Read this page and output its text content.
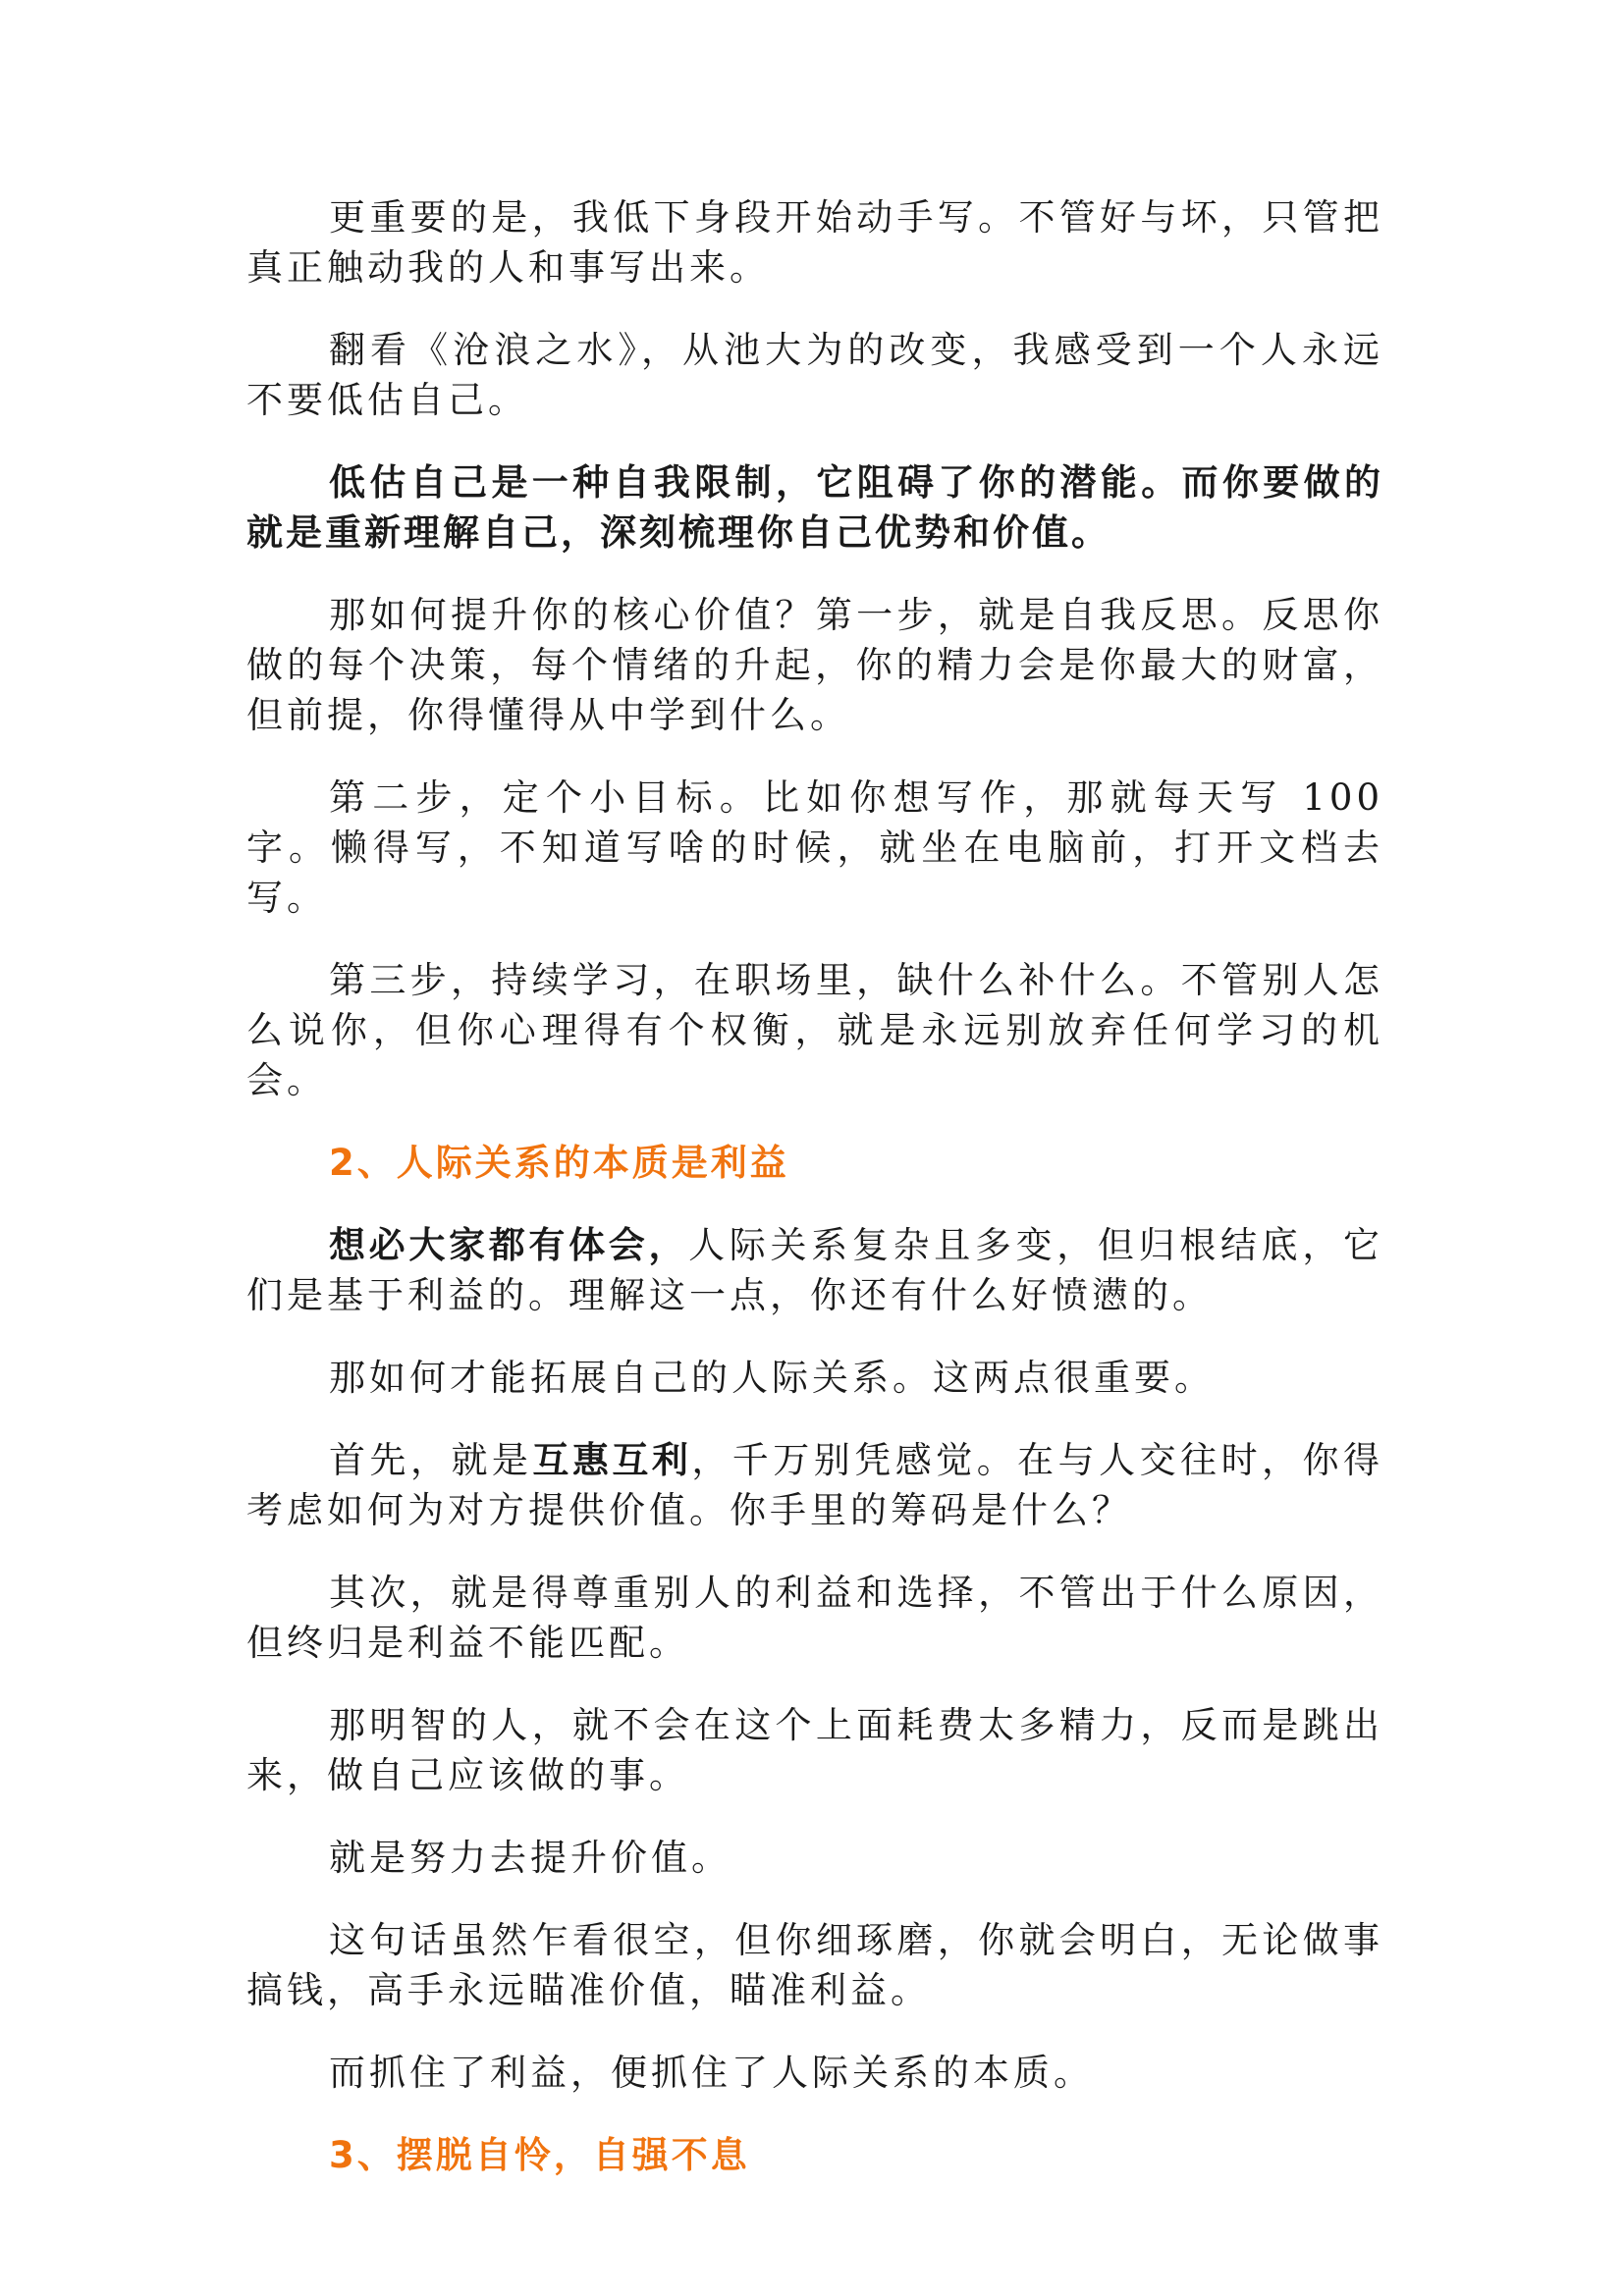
更重要的是，我低下身段开始动手写。不管好与坏，只管把真正触动我的人和事写出来。

翻看《沧浪之水》，从池大为的改变，我感受到一个人永远不要低估自己。

低估自己是一种自我限制，它阻碍了你的潜能。而你要做的就是重新理解自己，深刻梳理你自己优势和价值。

那如何提升你的核心价值？第一步，就是自我反思。反思你做的每个决策，每个情绪的升起，你的精力会是你最大的财富，但前提，你得懂得从中学到什么。

第二步，定个小目标。比如你想写作，那就每天写 100 字。懒得写，不知道写啥的时候，就坐在电脑前，打开文档去写。

第三步，持续学习，在职场里，缺什么补什么。不管别人怎么说你，但你心理得有个权衡，就是永远别放弃任何学习的机会。

2、人际关系的本质是利益

想必大家都有体会，人际关系复杂且多变，但归根结底，它们是基于利益的。理解这一点，你还有什么好愤懑的。

那如何才能拓展自己的人际关系。这两点很重要。

首先，就是互惠互利，千万别凭感觉。在与人交往时，你得考虑如何为对方提供价值。你手里的筹码是什么？

其次，就是得尊重别人的利益和选择，不管出于什么原因，但终归是利益不能匹配。

那明智的人，就不会在这个上面耗费太多精力，反而是跳出来，做自己应该做的事。

就是努力去提升价值。

这句话虽然乍看很空，但你细琢磨，你就会明白，无论做事搞钱，高手永远瞄准价值，瞄准利益。

而抓住了利益，便抓住了人际关系的本质。

3、摆脱自怜，自强不息
